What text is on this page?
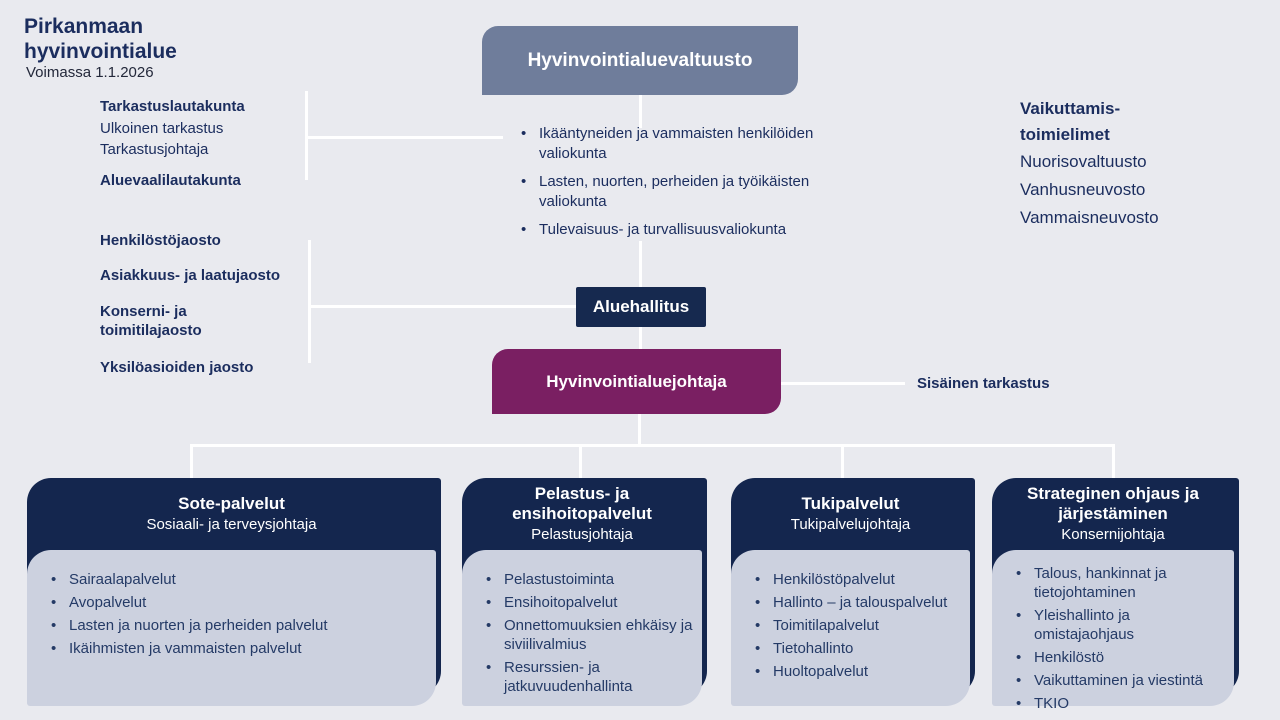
Pirkanmaan
hyvinvointialue
Voimassa 1.1.2026
Hyvinvointialuevaltuusto
Aluehallitus
Hyvinvointialuejohtaja
Tarkastuslautakunta
Ulkoinen tarkastus
Tarkastusjohtaja
Aluevaalilautakunta
Henkilöstöjaosto
Asiakkuus- ja laatujaosto
Konserni- ja toimitilajaosto
Yksilöasioiden jaosto
• Ikääntyneiden ja vammaisten henkilöiden valiokunta
• Lasten, nuorten, perheiden ja työikäisten valiokunta
• Tulevaisuus- ja turvallisuusvaliokunta
Vaikuttamis-
toimielimet
Nuorisovaltuusto
Vanhusneuvosto
Vammaisneuvosto
Sisäinen tarkastus
• Sairaalapalvelut
• Avopalvelut
• Lasten ja nuorten ja perheiden palvelut
• Ikäihmisten ja vammaisten palvelut
Sote-palvelut
Sosiaali- ja terveysjohtaja
• Pelastustoiminta
• Ensihoitopalvelut
• Onnettomuuksien ehkäisy ja siviilivalmius
• Resurssien- ja jatkuvuudenhallinta
Pelastus- ja ensihoitopalvelut
Pelastusjohtaja
• Henkilöstöpalvelut
• Hallinto – ja talouspalvelut
• Toimitilapalvelut
• Tietohallinto
• Huoltopalvelut
Tukipalvelut
Tukipalvelujohtaja
• Talous, hankinnat ja tietojohtaminen
• Yleishallinto ja omistajaohjaus
• Henkilöstö
• Vaikuttaminen ja viestintä
• TKIO
Strateginen ohjaus ja järjestäminen
Konsernijohtaja
